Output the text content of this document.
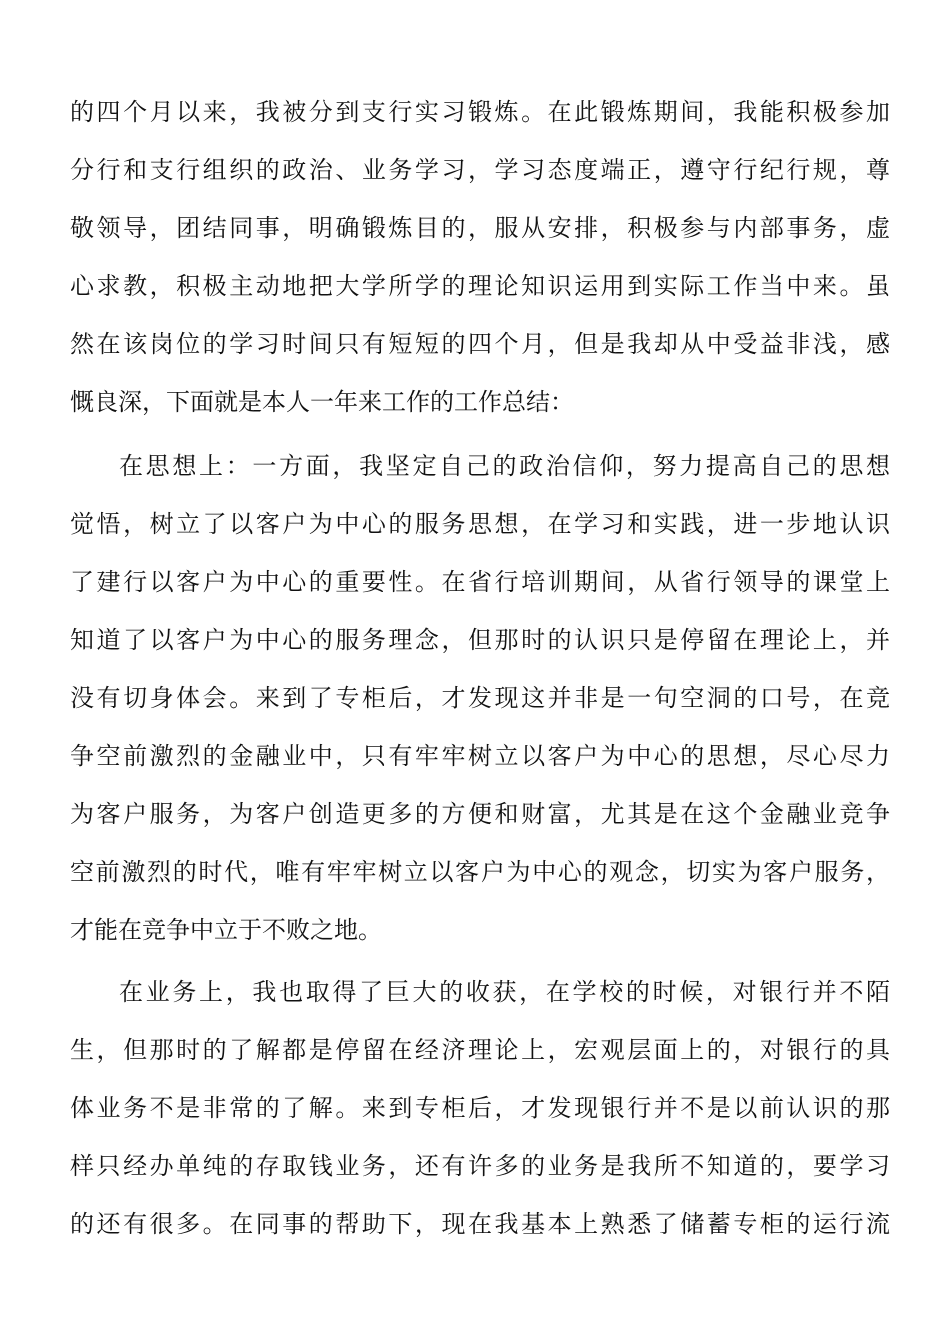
的四个月以来，我被分到支行实习锻炼。在此锻炼期间，我能积极参加
分行和支行组织的政治、业务学习，学习态度端正，遵守行纪行规，尊
敬领导，团结同事，明确锻炼目的，服从安排，积极参与内部事务，虚
心求教，积极主动地把大学所学的理论知识运用到实际工作当中来。虽
然在该岗位的学习时间只有短短的四个月，但是我却从中受益非浅，感
慨良深，下面就是本人一年来工作的工作总结：
在思想上：一方面，我坚定自己的政治信仰，努力提高自己的思想
觉悟，树立了以客户为中心的服务思想，在学习和实践，进一步地认识
了建行以客户为中心的重要性。在省行培训期间，从省行领导的课堂上
知道了以客户为中心的服务理念，但那时的认识只是停留在理论上，并
没有切身体会。来到了专柜后，才发现这并非是一句空洞的口号，在竞
争空前激烈的金融业中，只有牢牢树立以客户为中心的思想，尽心尽力
为客户服务，为客户创造更多的方便和财富，尤其是在这个金融业竞争
空前激烈的时代，唯有牢牢树立以客户为中心的观念，切实为客户服务，
才能在竞争中立于不败之地。
在业务上，我也取得了巨大的收获，在学校的时候，对银行并不陌
生，但那时的了解都是停留在经济理论上，宏观层面上的，对银行的具
体业务不是非常的了解。来到专柜后，才发现银行并不是以前认识的那
样只经办单纯的存取钱业务，还有许多的业务是我所不知道的，要学习
的还有很多。在同事的帮助下，现在我基本上熟悉了储蓄专柜的运行流
